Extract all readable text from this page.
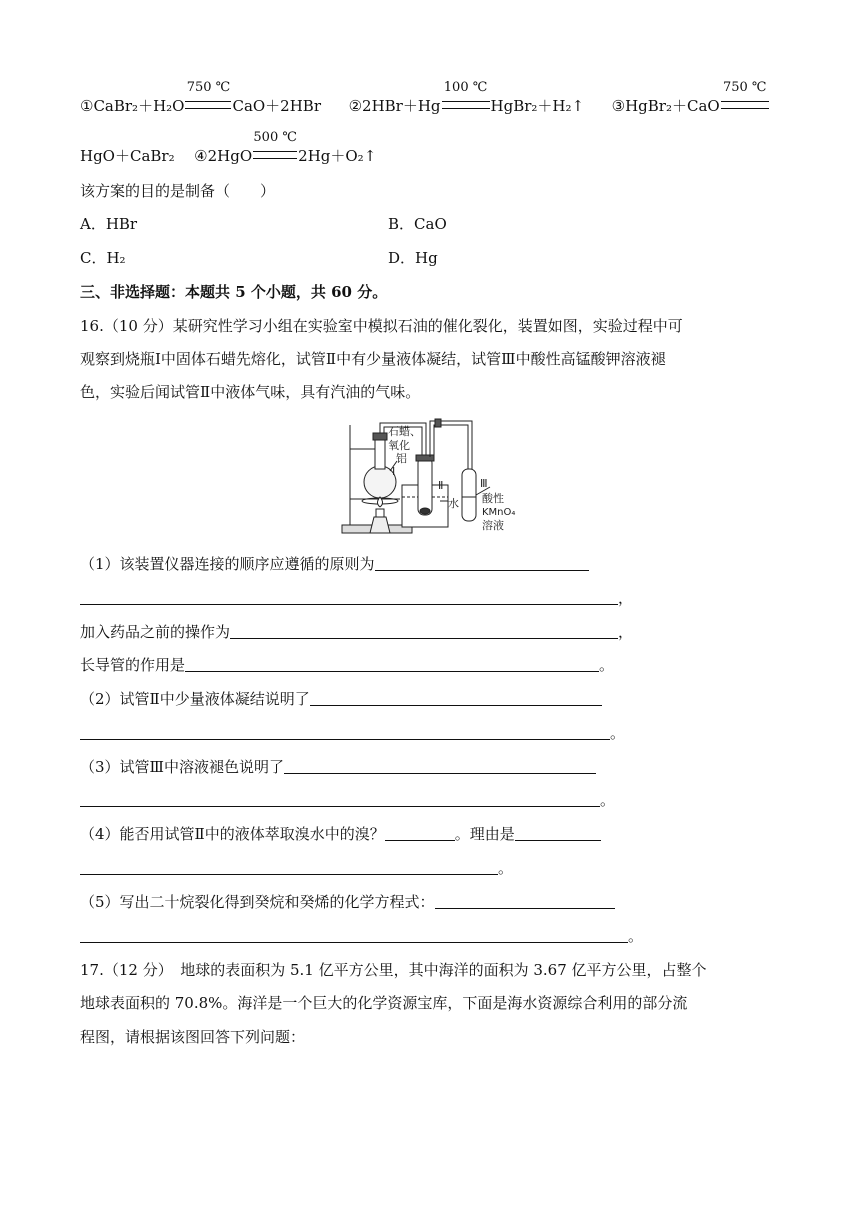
①CaBr₂＋H₂O
750 ℃
CaO＋2HBr ②2HBr＋Hg
100 ℃
HgBr₂＋H₂↑ ③HgBr₂＋CaO
750 ℃
HgO＋CaBr₂ ④2HgO
500 ℃
2Hg＋O₂↑
该方案的目的是制备（　　）
A．HBr	B．CaO
C．H₂	D．Hg
三、非选择题：本题共 5 个小题，共 60 分。
16.（10 分）某研究性学习小组在实验室中模拟石油的催化裂化，装置如图，实验过程中可
观察到烧瓶Ⅰ中固体石蜡先熔化，试管Ⅱ中有少量液体凝结，试管Ⅲ中酸性高锰酸钾溶液褪
色，实验后闻试管Ⅱ中液体气味，具有汽油的气味。
石蜡、
氧化
铝
Ⅰ
Ⅱ
水
Ⅲ
酸性
KMnO₄
溶液
（1）该装置仪器连接的顺序应遵循的原则为
，
加入药品之前的操作为	，
长导管的作用是	。
（2）试管Ⅱ中少量液体凝结说明了
。
（3）试管Ⅲ中溶液褪色说明了
。
（4）能否用试管Ⅱ中的液体萃取溴水中的溴？	。理由是
。
（5）写出二十烷裂化得到癸烷和癸烯的化学方程式：
。
17.（12 分）　地球的表面积为 5.1 亿平方公里，其中海洋的面积为 3.67 亿平方公里，占整个
地球表面积的 70.8%。海洋是一个巨大的化学资源宝库，下面是海水资源综合利用的部分流
程图，请根据该图回答下列问题：
